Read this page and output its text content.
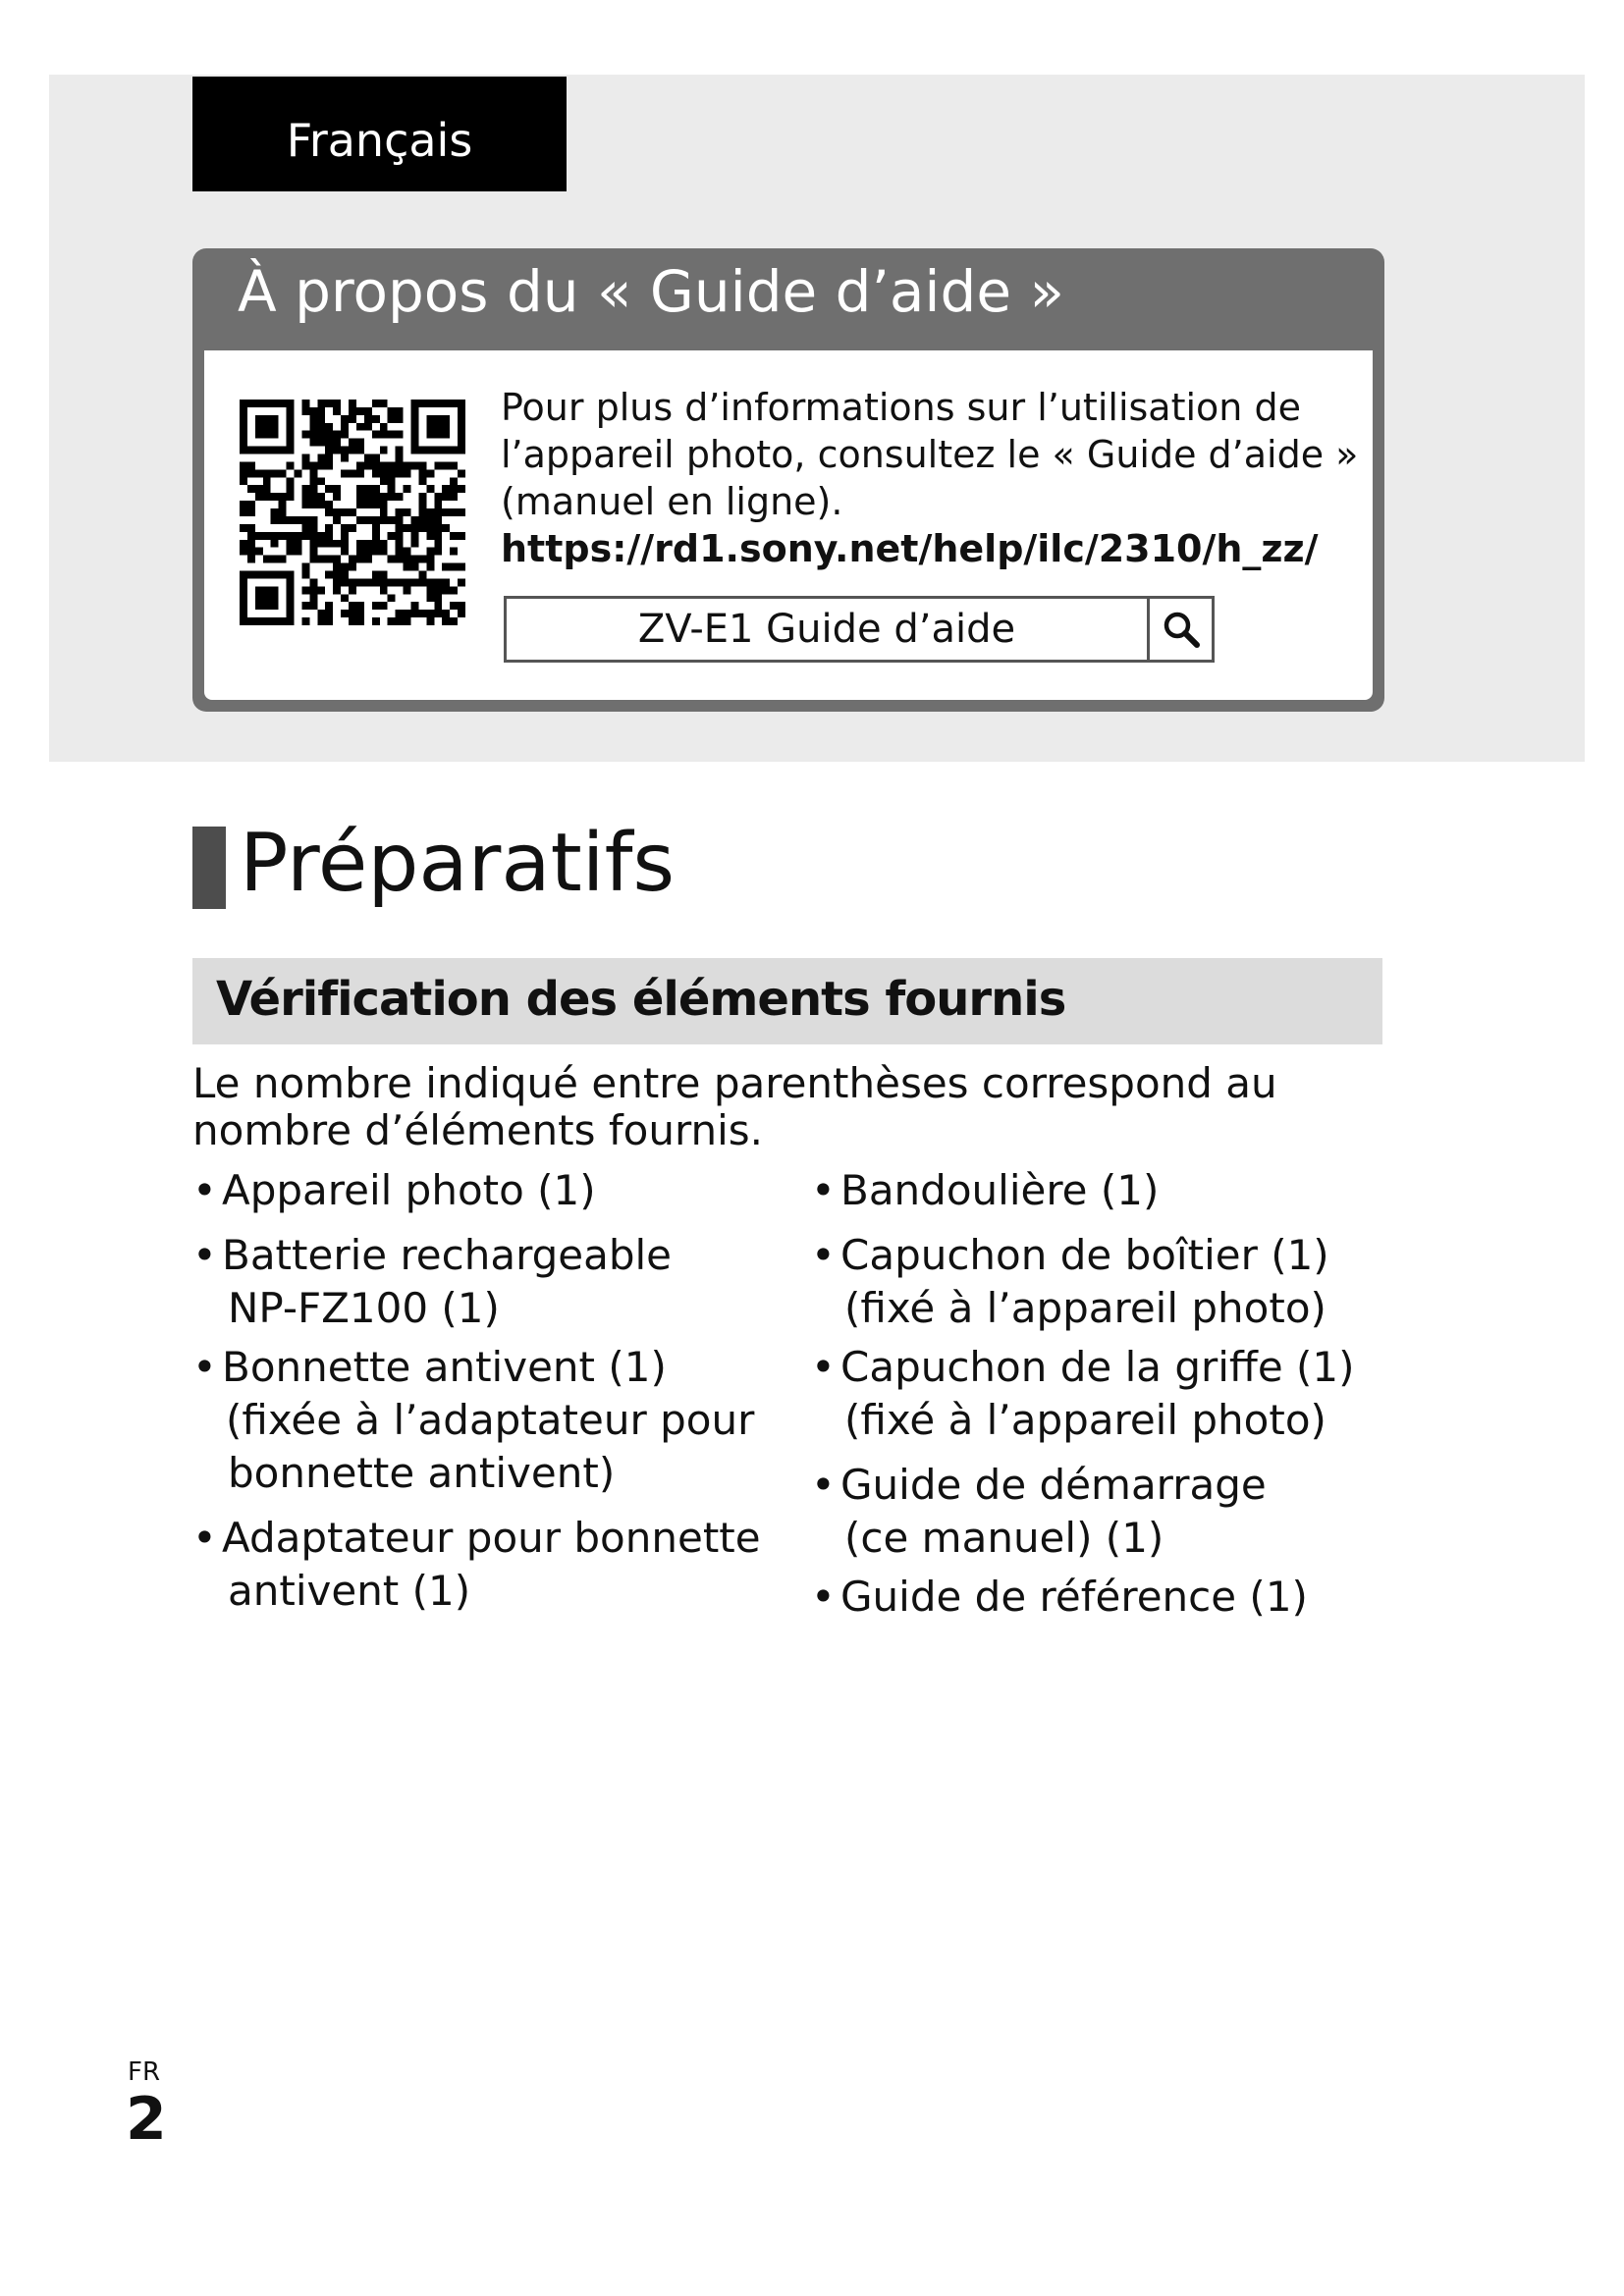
Français
À propos du « Guide d’aide »
Pour plus d’informations sur l’utilisation de
l’appareil photo, consultez le « Guide d’aide »
(manuel en ligne).
https://rd1.sony.net/help/ilc/2310/h_zz/
ZV-E1 Guide d’aide
Préparatifs
Vérification des éléments fournis
Le nombre indiqué entre parenthèses correspond au nombre d’éléments fournis.
• Appareil photo (1)
• Batterie rechargeable
NP-FZ100 (1)
• Bonnette antivent (1)
(fixée à l’adaptateur pour
bonnette antivent)
• Adaptateur pour bonnette
antivent (1)
• Bandoulière (1)
• Capuchon de boîtier (1)
(fixé à l’appareil photo)
• Capuchon de la griffe (1)
(fixé à l’appareil photo)
• Guide de démarrage
(ce manuel) (1)
• Guide de référence (1)
FR
2
